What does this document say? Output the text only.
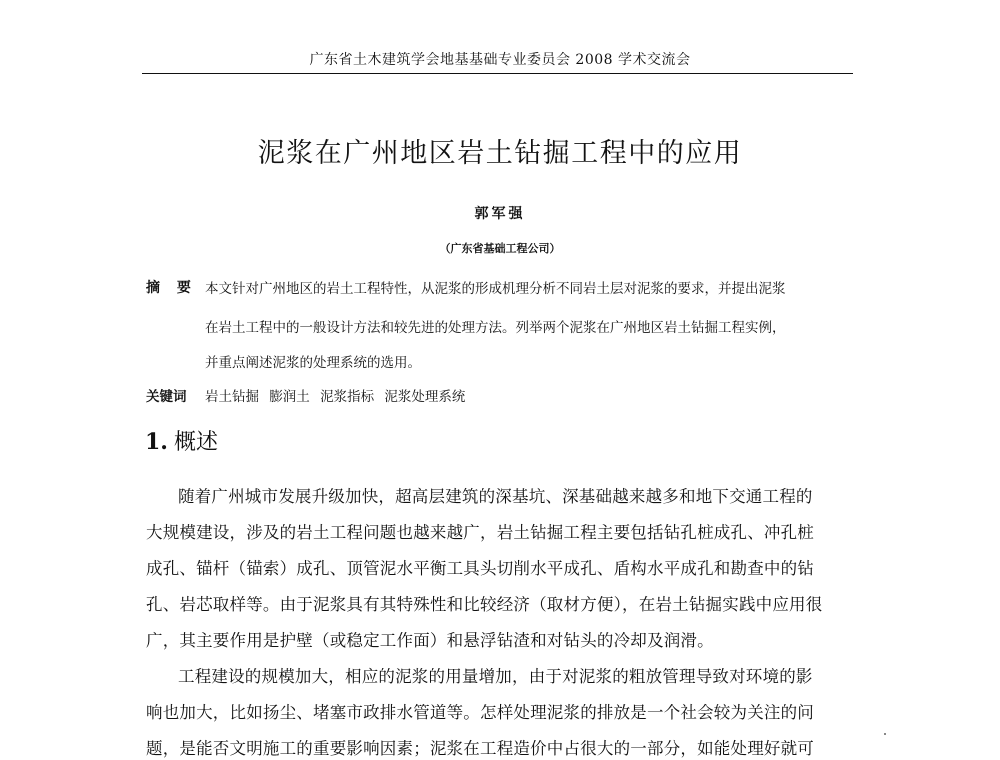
广东省土木建筑学会地基基础专业委员会 2008 学术交流会
泥浆在广州地区岩土钻掘工程中的应用
郭军强
（广东省基础工程公司）
摘 要 本文针对广州地区的岩土工程特性，从泥浆的形成机理分析不同岩土层对泥浆的要求，并提出泥浆
在岩土工程中的一般设计方法和较先进的处理方法。列举两个泥浆在广州地区岩土钻掘工程实例，
并重点阐述泥浆的处理系统的选用。
关键词 岩土钻掘 膨润土 泥浆指标 泥浆处理系统
1. 概述
随着广州城市发展升级加快，超高层建筑的深基坑、深基础越来越多和地下交通工程的
大规模建设，涉及的岩土工程问题也越来越广，岩土钻掘工程主要包括钻孔桩成孔、冲孔桩
成孔、锚杆（锚索）成孔、顶管泥水平衡工具头切削水平成孔、盾构水平成孔和勘查中的钻
孔、岩芯取样等。由于泥浆具有其特殊性和比较经济（取材方便），在岩土钻掘实践中应用很
广，其主要作用是护壁（或稳定工作面）和悬浮钻渣和对钻头的冷却及润滑。
工程建设的规模加大，相应的泥浆的用量增加，由于对泥浆的粗放管理导致对环境的影
响也加大，比如扬尘、堵塞市政排水管道等。怎样处理泥浆的排放是一个社会较为关注的问
题，是能否文明施工的重要影响因素；泥浆在工程造价中占很大的一部分，如能处理好就可
